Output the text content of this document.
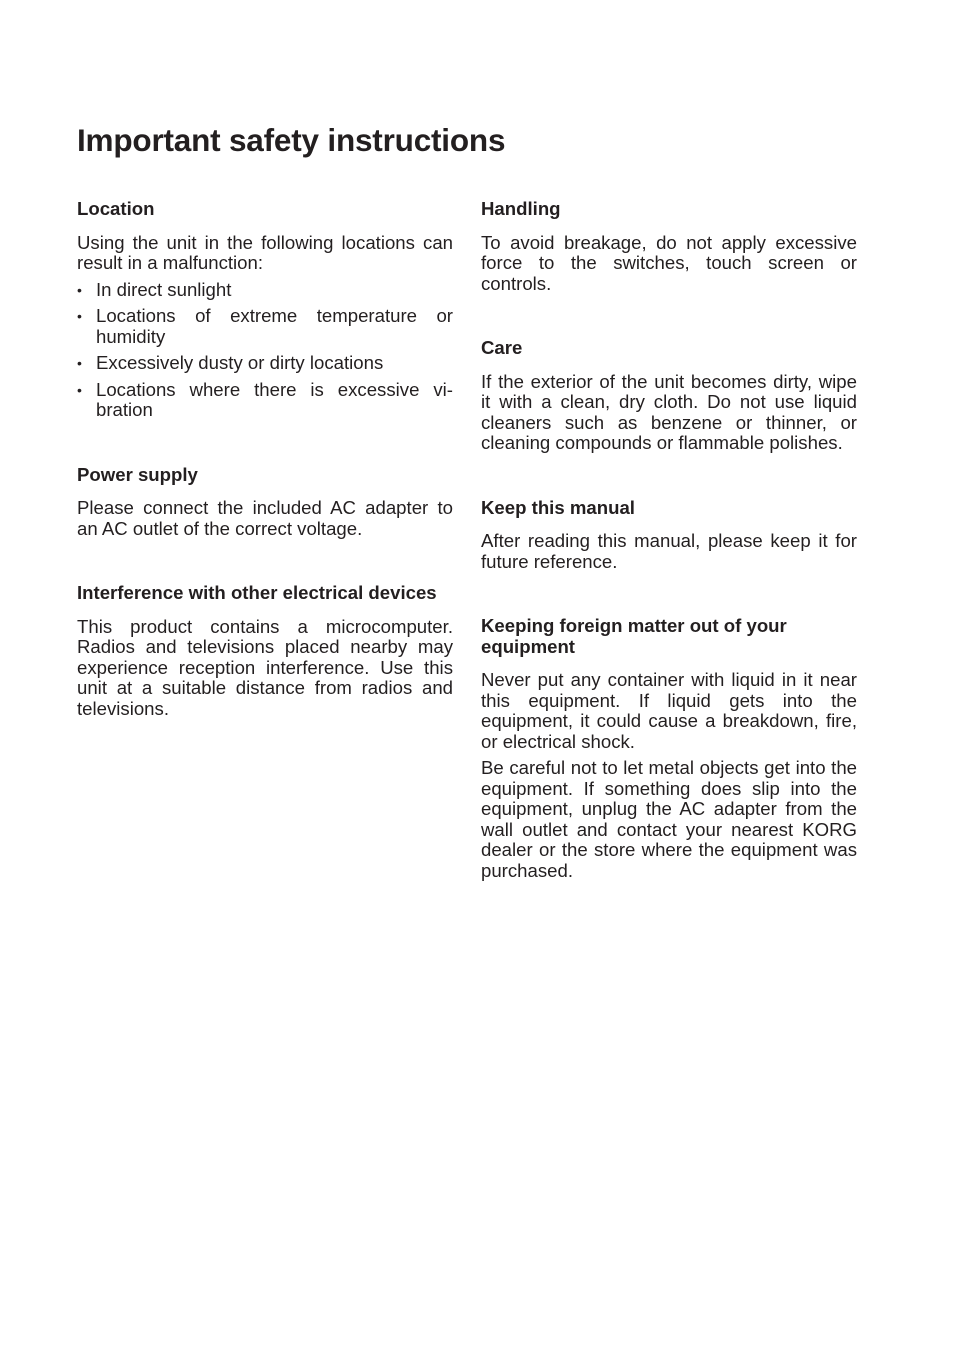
Important safety instructions
Location

Using the unit in the following locations can result in a malfunction:

• In direct sunlight
• Locations of extreme temperature or humidity
• Excessively dusty or dirty locations
• Locations where there is excessive vibration
Power supply

Please connect the included AC adapter to an AC outlet of the correct voltage.

Interference with other electrical devices

This product contains a microcomputer. Radios and televisions placed nearby may experience reception interference. Use this unit at a suitable distance from radios and televisions.

Handling

To avoid breakage, do not apply excessive force to the switches, touch screen or controls.

Care

If the exterior of the unit becomes dirty, wipe it with a clean, dry cloth. Do not use liquid cleaners such as benzene or thinner, or cleaning compounds or flammable polishes.

Keep this manual

After reading this manual, please keep it for future reference.

Keeping foreign matter out of your equipment

Never put any container with liquid in it near this equipment. If liquid gets into the equipment, it could cause a breakdown, fire, or electrical shock.

Be careful not to let metal objects get into the equipment. If something does slip into the equipment, unplug the AC adapter from the wall outlet and contact your nearest KORG dealer or the store where the equipment was purchased.
